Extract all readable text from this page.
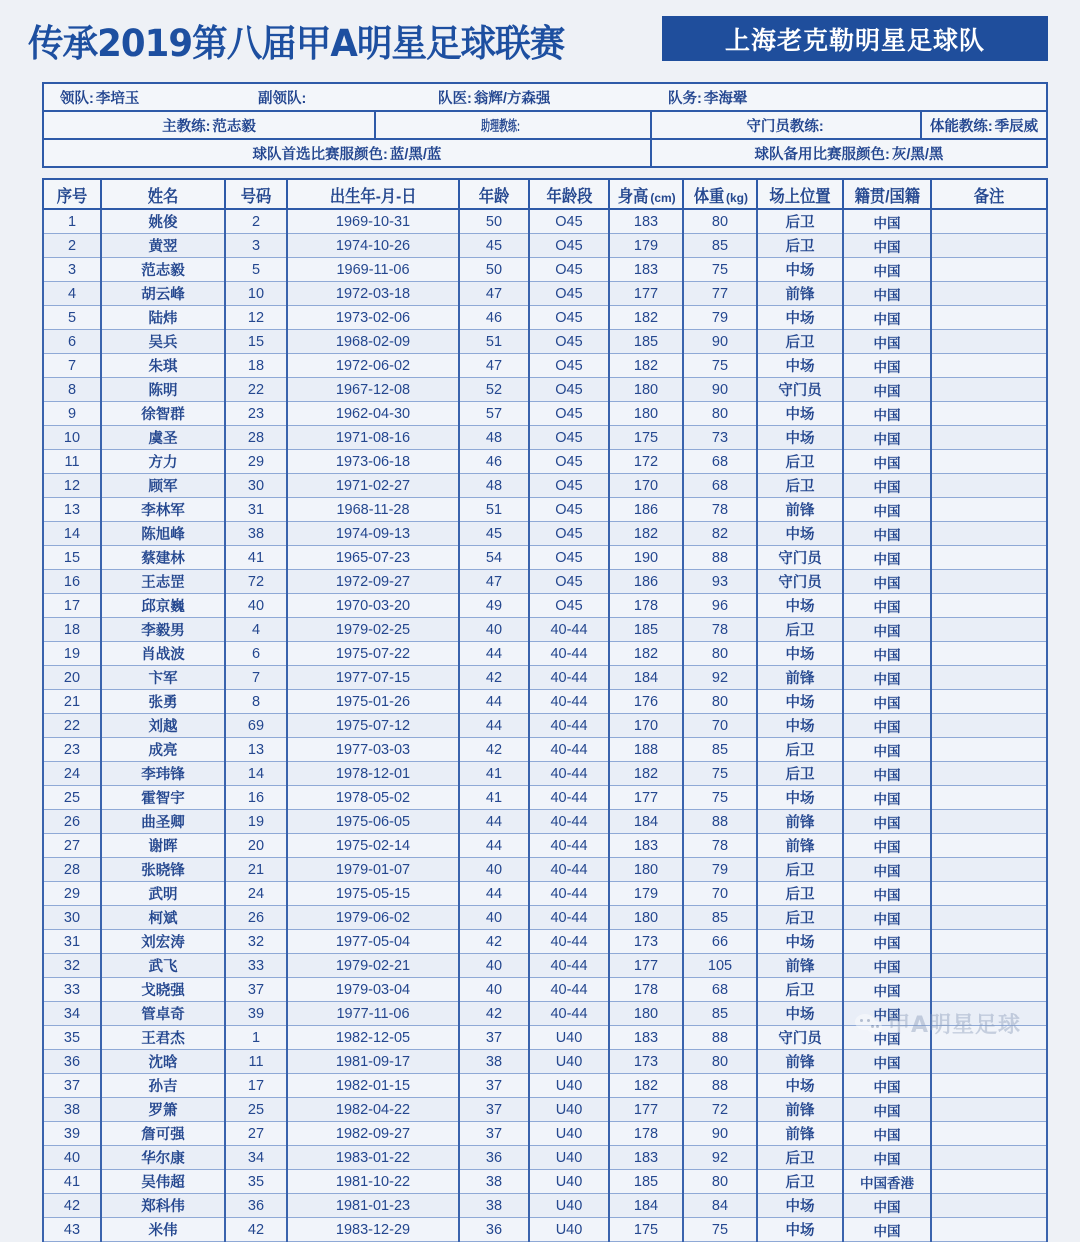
传承2019第八届甲A明星足球联赛	上海老克勒明星足球队
领队: 李培玉	副领队:	队医: 翁辉/方森强	队务: 李海翚
主教练: 范志毅	助理教练:	守门员教练:	体能教练: 季辰威
球队首选比赛服颜色: 蓝/黑/蓝	球队备用比赛服颜色: 灰/黑/黑
序号	姓名	号码	出生年-月-日	年龄	年龄段	身高 (cm)	体重 (kg)	场上位置	籍贯/国籍	备注
1	姚俊	2	1969-10-31	50	O45	183	80	后卫	中国	
2	黄翌	3	1974-10-26	45	O45	179	85	后卫	中国	
3	范志毅	5	1969-11-06	50	O45	183	75	中场	中国	
4	胡云峰	10	1972-03-18	47	O45	177	77	前锋	中国	
5	陆炜	12	1973-02-06	46	O45	182	79	中场	中国	
6	吴兵	15	1968-02-09	51	O45	185	90	后卫	中国	
7	朱琪	18	1972-06-02	47	O45	182	75	中场	中国	
8	陈明	22	1967-12-08	52	O45	180	90	守门员	中国	
9	徐智群	23	1962-04-30	57	O45	180	80	中场	中国	
10	虞圣	28	1971-08-16	48	O45	175	73	中场	中国	
11	方力	29	1973-06-18	46	O45	172	68	后卫	中国	
12	顾军	30	1971-02-27	48	O45	170	68	后卫	中国	
13	李林军	31	1968-11-28	51	O45	186	78	前锋	中国	
14	陈旭峰	38	1974-09-13	45	O45	182	82	中场	中国	
15	蔡建林	41	1965-07-23	54	O45	190	88	守门员	中国	
16	王志罡	72	1972-09-27	47	O45	186	93	守门员	中国	
17	邱京巍	40	1970-03-20	49	O45	178	96	中场	中国	
18	李毅男	4	1979-02-25	40	40-44	185	78	后卫	中国	
19	肖战波	6	1975-07-22	44	40-44	182	80	中场	中国	
20	卞军	7	1977-07-15	42	40-44	184	92	前锋	中国	
21	张勇	8	1975-01-26	44	40-44	176	80	中场	中国	
22	刘越	69	1975-07-12	44	40-44	170	70	中场	中国	
23	成亮	13	1977-03-03	42	40-44	188	85	后卫	中国	
24	李玮锋	14	1978-12-01	41	40-44	182	75	后卫	中国	
25	霍智宇	16	1978-05-02	41	40-44	177	75	中场	中国	
26	曲圣卿	19	1975-06-05	44	40-44	184	88	前锋	中国	
27	谢晖	20	1975-02-14	44	40-44	183	78	前锋	中国	
28	张晓锋	21	1979-01-07	40	40-44	180	79	后卫	中国	
29	武明	24	1975-05-15	44	40-44	179	70	后卫	中国	
30	柯斌	26	1979-06-02	40	40-44	180	85	后卫	中国	
31	刘宏涛	32	1977-05-04	42	40-44	173	66	中场	中国	
32	武飞	33	1979-02-21	40	40-44	177	105	前锋	中国	
33	戈晓强	37	1979-03-04	40	40-44	178	68	后卫	中国	
34	管卓奇	39	1977-11-06	42	40-44	180	85	中场	中国	
35	王君杰	1	1982-12-05	37	U40	183	88	守门员	中国	
36	沈晗	11	1981-09-17	38	U40	173	80	前锋	中国	
37	孙吉	17	1982-01-15	37	U40	182	88	中场	中国	
38	罗箫	25	1982-04-22	37	U40	177	72	前锋	中国	
39	詹可强	27	1982-09-27	37	U40	178	90	前锋	中国	
40	华尔康	34	1983-01-22	36	U40	183	92	后卫	中国	
41	吴伟超	35	1981-10-22	38	U40	185	80	后卫	中国香港	
42	郑科伟	36	1981-01-23	38	U40	184	84	中场	中国	
43	米伟	42	1983-12-29	36	U40	175	75	中场	中国	
甲A明星足球
